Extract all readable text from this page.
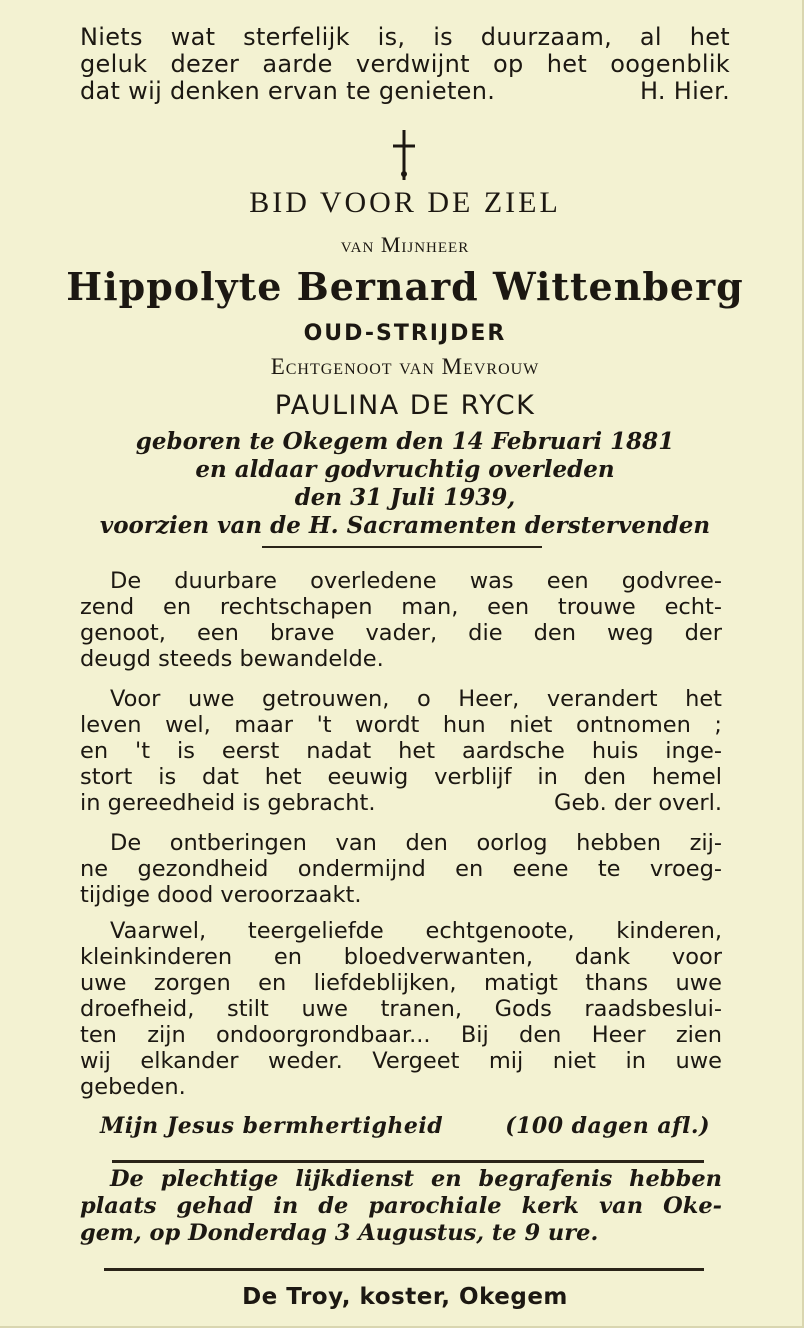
Niets wat sterfelijk is, is duurzaam, al het
geluk dezer aarde verdwijnt op het oogenblik
dat wij denken ervan te genieten.	H. Hier.
BID VOOR DE ZIEL
van Mijnheer
Hippolyte Bernard Wittenberg
OUD-STRIJDER
Echtgenoot van Mevrouw
PAULINA DE RYCK
geboren te Okegem den 14 Februari 1881
en aldaar godvruchtig overleden
den 31 Juli 1939,
voorzien van de H. Sacramenten derstervenden
De duurbare overledene was een godvree-
zend en rechtschapen man, een trouwe echt-
genoot, een brave vader, die den weg der
deugd steeds bewandelde.
Voor uwe getrouwen, o Heer, verandert het
leven wel, maar 't wordt hun niet ontnomen ;
en 't is eerst nadat het aardsche huis inge-
stort is dat het eeuwig verblijf in den hemel
in gereedheid is gebracht.	Geb. der overl.
De ontberingen van den oorlog hebben zij-
ne gezondheid ondermijnd en eene te vroeg-
tijdige dood veroorzaakt.
Vaarwel, teergeliefde echtgenoote, kinderen,
kleinkinderen en bloedverwanten, dank voor
uwe zorgen en liefdeblijken, matigt thans uwe
droefheid, stilt uwe tranen, Gods raadsbeslui-
ten zijn ondoorgrondbaar... Bij den Heer zien
wij elkander weder. Vergeet mij niet in uwe
gebeden.
Mijn Jesus bermhertigheid	(100 dagen afl.)
De plechtige lijkdienst en begrafenis hebben
plaats gehad in de parochiale kerk van Oke-
gem, op Donderdag 3 Augustus, te 9 ure.
De Troy, koster, Okegem
